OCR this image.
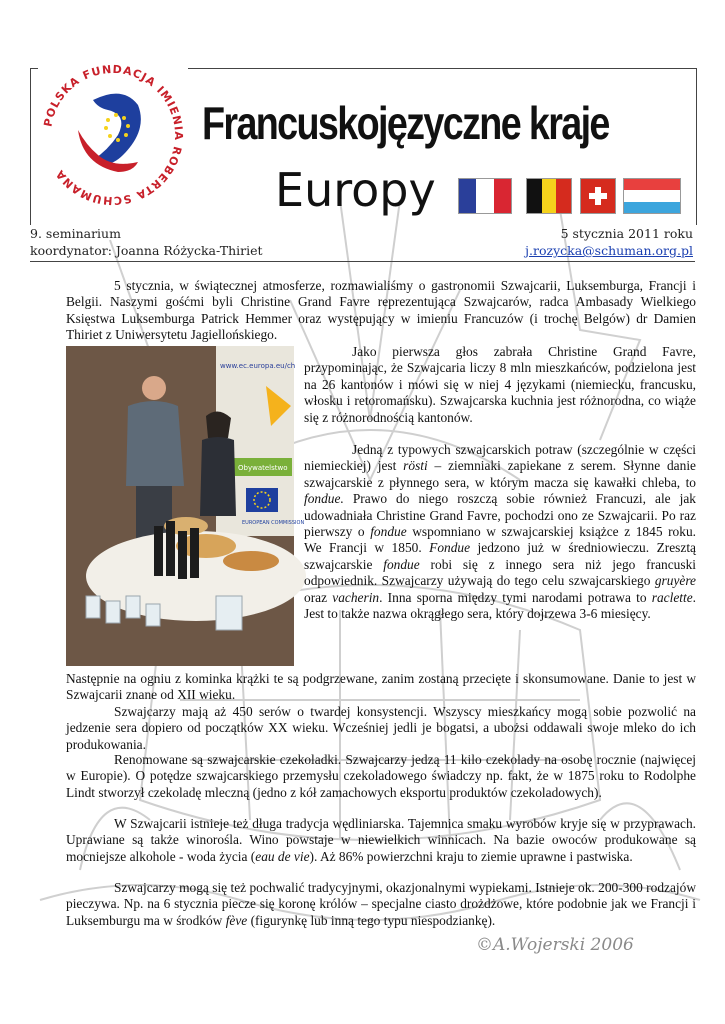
POLSKA FUNDACJA IMIENIA ROBERTA SCHUMANA
Francuskojęzyczne kraje
Europy
9. seminarium	5 stycznia 2011 roku
koordynator: Joanna Różycka-Thiriet	j.rozycka@schuman.org.pl
5 stycznia, w świątecznej atmosferze, rozmawialiśmy o gastronomii Szwajcarii, Luksemburga, Francji i Belgii. Naszymi gośćmi byli Christine Grand Favre reprezentująca Szwajcarów, radca Ambasady Wielkiego Księstwa Luksemburga Patrick Hemmer oraz występujący w imieniu Francuzów (i trochę Belgów) dr Damien Thiriet z Uniwersytetu Jagiellońskiego.
www.ec.europa.eu/ch
Obywatelstwo
EUROPEAN COMMISSION
Jako pierwsza głos zabrała Christine Grand Favre, przypominając, że Szwajcaria liczy 8 mln mieszkańców, podzielona jest na 26 kantonów i mówi się w niej 4 językami (niemiecku, francusku, włosku i retoromańsku). Szwajcarska kuchnia jest różnorodna, co wiąże się z różnorodnością kantonów.
Jedną z typowych szwajcarskich potraw (szczególnie w części niemieckiej) jest rösti – ziemniaki zapiekane z serem. Słynne danie szwajcarskie z płynnego sera, w którym macza się kawałki chleba, to fondue. Prawo do niego roszczą sobie również Francuzi, ale jak udowadniała Christine Grand Favre, pochodzi ono ze Szwajcarii. Po raz pierwszy o fondue wspomniano w szwajcarskiej książce z 1845 roku. We Francji w 1850. Fondue jedzono już w średniowieczu. Zresztą szwajcarskie fondue robi się z innego sera niż jego francuski odpowiednik. Szwajcarzy używają do tego celu szwajcarskiego gruyère oraz vacherin. Inna sporna między tymi narodami potrawa to raclette. Jest to także nazwa okrągłego sera, który dojrzewa 3-6 miesięcy.
Następnie na ogniu z kominka krążki te są podgrzewane, zanim zostaną przecięte i skonsumowane. Danie to jest w Szwajcarii znane od XII wieku.
Szwajcarzy mają aż 450 serów o twardej konsystencji. Wszyscy mieszkańcy mogą sobie pozwolić na jedzenie sera dopiero od początków XX wieku. Wcześniej jedli je bogatsi, a ubożsi oddawali swoje mleko do ich produkowania.
Renomowane są szwajcarskie czekoladki. Szwajcarzy jedzą 11 kilo czekolady na osobę rocznie (najwięcej w Europie). O potędze szwajcarskiego przemysłu czekoladowego świadczy np. fakt, że w 1875 roku to Rodolphe Lindt stworzył czekoladę mleczną (jedno z kół zamachowych eksportu produktów czekoladowych).
W Szwajcarii istnieje też długa tradycja wędliniarska. Tajemnica smaku wyrobów kryje się w przyprawach. Uprawiane są także winorośla. Wino powstaje w niewielkich winnicach. Na bazie owoców produkowane są mocniejsze alkohole - woda życia (eau de vie). Aż 86% powierzchni kraju to ziemie uprawne i pastwiska.
Szwajcarzy mogą się też pochwalić tradycyjnymi, okazjonalnymi wypiekami. Istnieje ok. 200-300 rodzajów pieczywa. Np. na 6 stycznia piecze się koronę królów – specjalne ciasto drożdżowe, które podobnie jak we Francji i Luksemburgu ma w środków fève (figurynkę lub inną tego typu niespodziankę).
©A.Wojerski 2006
